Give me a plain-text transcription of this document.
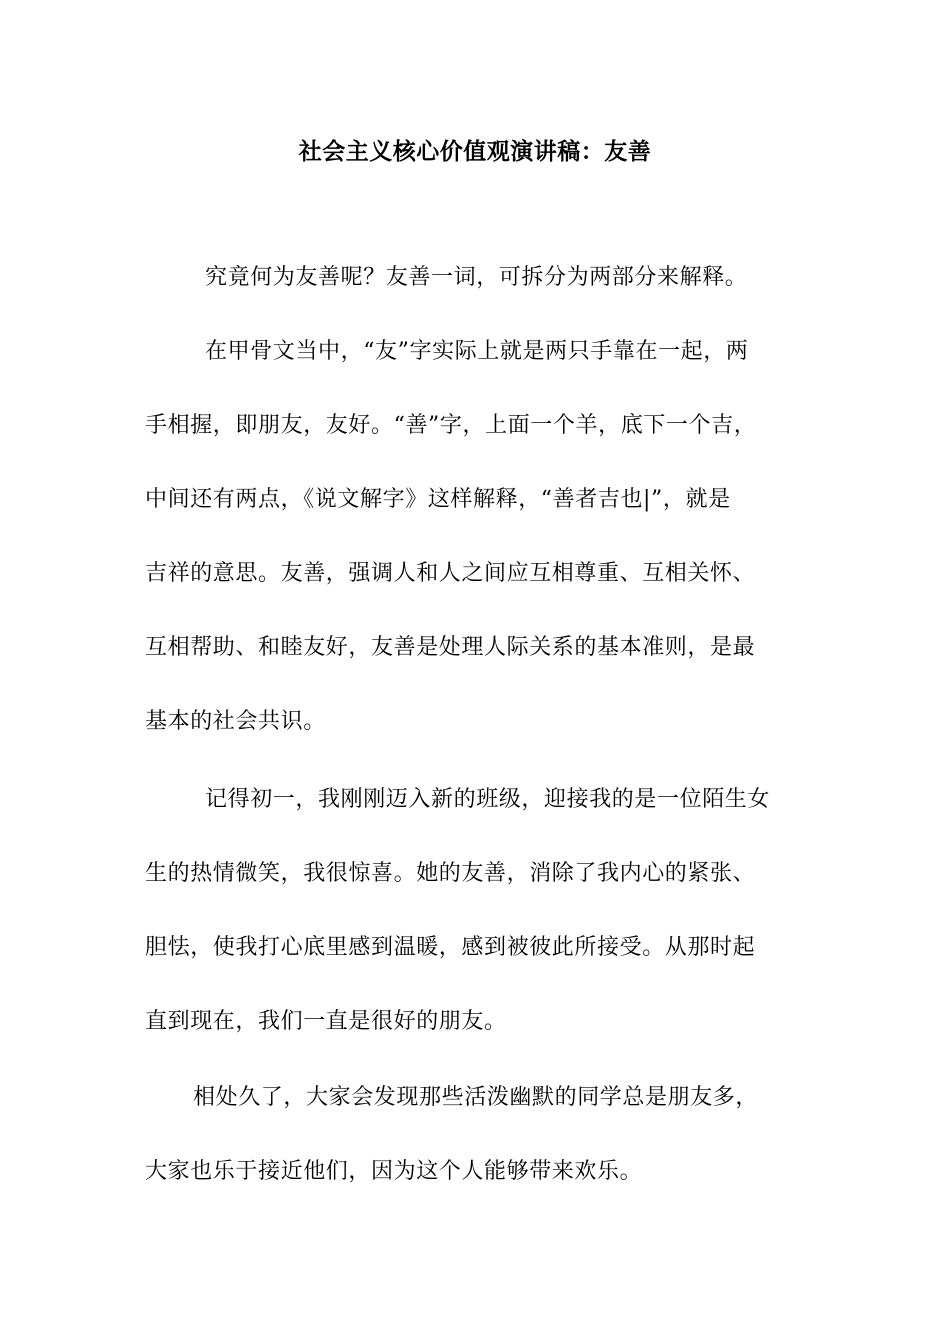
社会主义核心价值观演讲稿：友善
究竟何为友善呢？友善一词，可拆分为两部分来解释。
在甲骨文当中，“友”字实际上就是两只手靠在一起，两
手相握，即朋友，友好。“善”字，上面一个羊，底下一个吉，
中间还有两点，《说文解字》这样解释，“善者吉也|”，就是
吉祥的意思。友善，强调人和人之间应互相尊重、互相关怀、
互相帮助、和睦友好，友善是处理人际关系的基本准则，是最
基本的社会共识。
记得初一，我刚刚迈入新的班级，迎接我的是一位陌生女
生的热情微笑，我很惊喜。她的友善，消除了我内心的紧张、
胆怯，使我打心底里感到温暖，感到被彼此所接受。从那时起
直到现在，我们一直是很好的朋友。
相处久了，大家会发现那些活泼幽默的同学总是朋友多，
大家也乐于接近他们，因为这个人能够带来欢乐。
